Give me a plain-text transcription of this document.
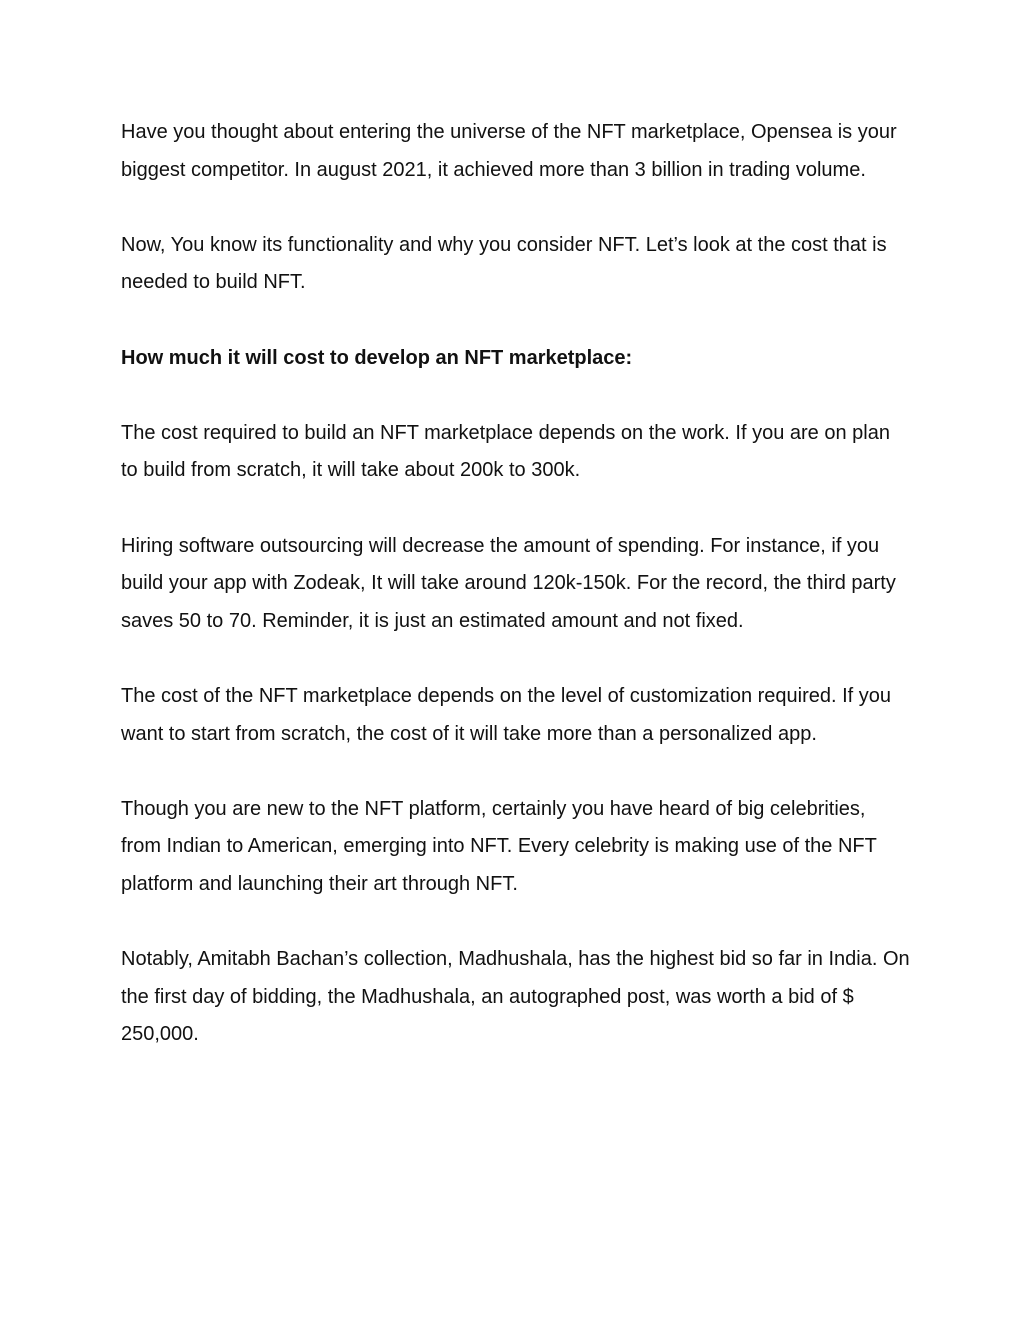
Have you thought about entering the universe of the NFT marketplace, Opensea is your biggest competitor. In august 2021, it achieved more than 3 billion in trading volume.

Now, You know its functionality and why you consider NFT. Let’s look at the cost that is needed to build NFT.

How much it will cost to develop an NFT marketplace:

The cost required to build an NFT marketplace depends on the work. If you are on plan to build from scratch, it will take about 200k to 300k.

Hiring software outsourcing will decrease the amount of spending. For instance, if you build your app with Zodeak, It will take around 120k-150k. For the record, the third party saves 50 to 70. Reminder, it is just an estimated amount and not fixed.

The cost of the NFT marketplace depends on the level of customization required. If you want to start from scratch, the cost of it will take more than a personalized app.

Though you are new to the NFT platform, certainly you have heard of big celebrities, from Indian to American, emerging into NFT. Every celebrity is making use of the NFT platform and launching their art through NFT.

Notably, Amitabh Bachan’s collection, Madhushala, has the highest bid so far in India. On the first day of bidding, the Madhushala, an autographed post, was worth a bid of $ 250,000.
